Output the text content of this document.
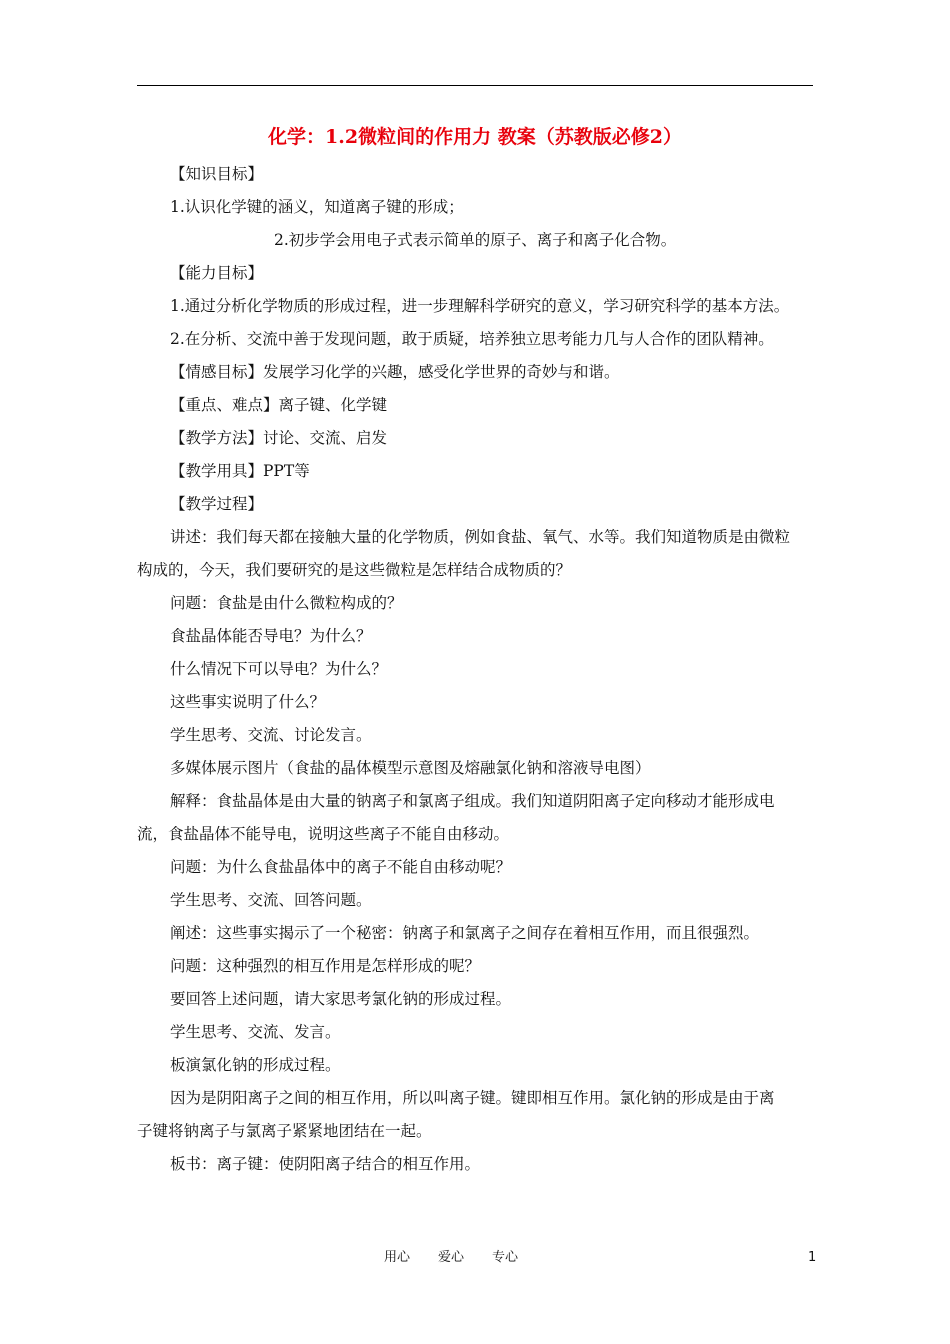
化学：1.2微粒间的作用力 教案（苏教版必修2）
【知识目标】
1.认识化学键的涵义，知道离子键的形成；
2.初步学会用电子式表示简单的原子、离子和离子化合物。
【能力目标】
1.通过分析化学物质的形成过程，进一步理解科学研究的意义，学习研究科学的基本方法。
2.在分析、交流中善于发现问题，敢于质疑，培养独立思考能力几与人合作的团队精神。
【情感目标】发展学习化学的兴趣，感受化学世界的奇妙与和谐。
【重点、难点】离子键、化学键
【教学方法】讨论、交流、启发
【教学用具】PPT等
【教学过程】
讲述：我们每天都在接触大量的化学物质，例如食盐、氧气、水等。我们知道物质是由微粒
构成的，今天，我们要研究的是这些微粒是怎样结合成物质的？
问题：食盐是由什么微粒构成的？
食盐晶体能否导电？为什么？
什么情况下可以导电？为什么？
这些事实说明了什么？
学生思考、交流、讨论发言。
多媒体展示图片（食盐的晶体模型示意图及熔融氯化钠和溶液导电图）
解释：食盐晶体是由大量的钠离子和氯离子组成。我们知道阴阳离子定向移动才能形成电
流，食盐晶体不能导电，说明这些离子不能自由移动。
问题：为什么食盐晶体中的离子不能自由移动呢？
学生思考、交流、回答问题。
阐述：这些事实揭示了一个秘密：钠离子和氯离子之间存在着相互作用，而且很强烈。
问题：这种强烈的相互作用是怎样形成的呢？
要回答上述问题，请大家思考氯化钠的形成过程。
学生思考、交流、发言。
板演氯化钠的形成过程。
因为是阴阳离子之间的相互作用，所以叫离子键。键即相互作用。氯化钠的形成是由于离
子键将钠离子与氯离子紧紧地团结在一起。
板书：离子键：使阴阳离子结合的相互作用。
用心 爱心 专心	1
